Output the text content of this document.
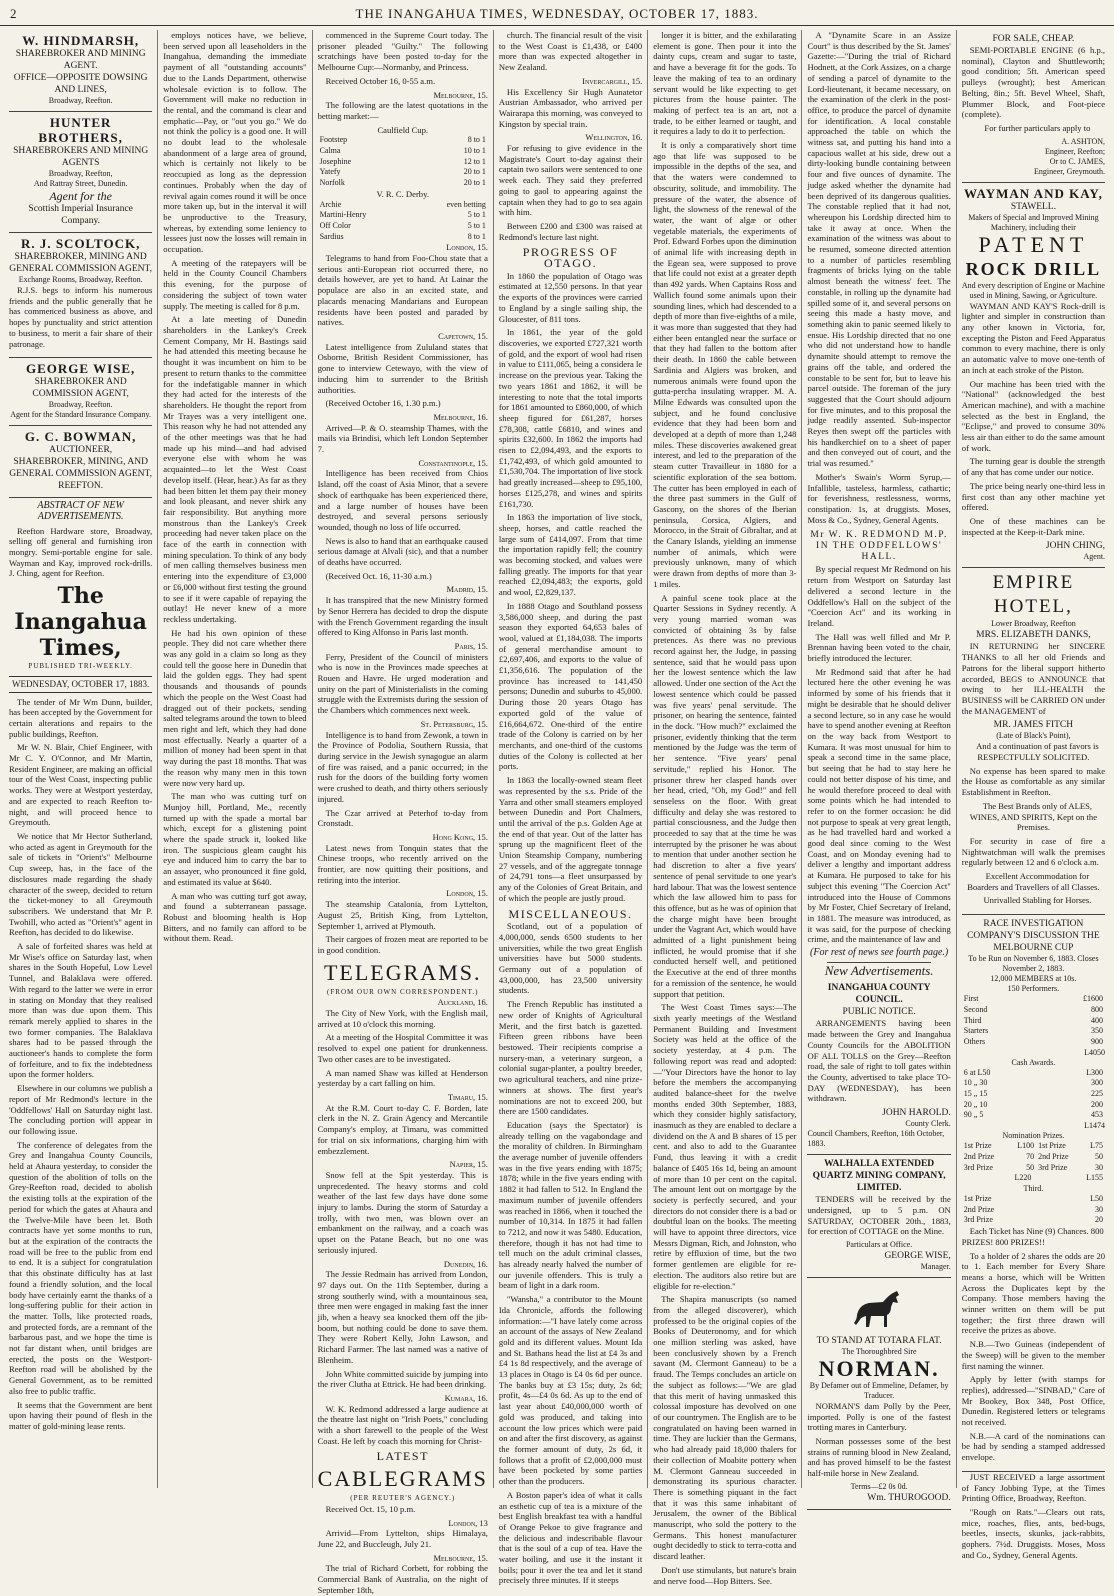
2	THE INANGAHUA TIMES, WEDNESDAY, OCTOBER 17, 1883.
W. HINDMARSH,
SHAREBROKER AND MINING AGENT.
OFFICE—OPPOSITE DOWSING AND LINES,
Broadway, Reefton.
HUNTER BROTHERS,
SHAREBROKERS AND MINING AGENTS
Broadway, Reefton,
And Rattray Street, Dunedin.
Agent for the
Scottish Imperial Insurance Company.
R. J. SCOLTOCK,
SHAREBROKER, MINING AND GENERAL COMMISSION AGENT,
Exchange Rooms, Broadway, Reefton.

R.J.S. begs to inform his numerous friends and the public generally that he has commenced business as above, and hopes by punctuality and strict attention to business, to merit a fair share of their patronage.

GEORGE WISE,
SHAREBROKER AND COMMISSION AGENT,
Broadway, Reefton.
Agent for the Standard Insurance Company.
G. C. BOWMAN,
AUCTIONEER,
SHAREBROKER, MINING, AND GENERAL COMMISSION AGENT,
REEFTON.
ABSTRACT OF NEW ADVERTISEMENTS.

Reefton Hardware store, Broadway, selling off general and furnishing iron mongry. Semi-portable engine for sale. Wayman and Kay, improved rock-drills. J. Ching, agent for Reefton.

The Inangahua Times,
PUBLISHED TRI-WEEKLY.
WEDNESDAY, OCTOBER 17, 1883.

The tender of Mr Wm Dunn, builder, has been accepted by the Government for certain alterations and repairs to the public buildings, Reefton.

Mr W. N. Blair, Chief Engineer, with Mr C. Y. O'Connor, and Mr Martin, Resident Engineer, are making an official tour of the West Coast, inspecting public works. They were at Westport yesterday, and are expected to reach Reefton to-night, and will proceed hence to Greymouth.

We notice that Mr Hector Sutherland, who acted as agent in Greymouth for the sale of tickets in "Orient's" Melbourne Cup sweep, has, in the face of the disclosures made regarding the shady character of the sweep, decided to return the ticket-money to all Greymouth subscribers. We understand that Mr P. Twohill, who acted as "Orient's" agent in Reefton, has decided to do likewise.

A sale of forfeited shares was held at Mr Wise's office on Saturday last, when shares in the South Hopeful, Low Level Tunnel, and Balaklava were offered. With regard to the latter we were in error in stating on Monday that they realised more than was due upon them. This remark merely applied to shares in the two former companies. The Balaklava shares had to be passed through the auctioneer's hands to complete the form of forfeiture, and to fix the indebtedness upon the former holders.

Elsewhere in our columns we publish a report of Mr Redmond's lecture in the 'Oddfellows' Hall on Saturday night last. The concluding portion will appear in our following issue.

The conference of delegates from the Grey and Inangahua County Councils, held at Ahaura yesterday, to consider the question of the abolition of tolls on the Grey-Reefton road, decided to abolish the existing tolls at the expiration of the period for which the gates at Ahaura and the Twelve-Mile have been let. Both contracts have yet some months to run, but at the expiration of the contracts the road will be free to the public from end to end. It is a subject for congratulation that this obstinate difficulty has at last found a friendly solution, and the local body have certainly earnt the thanks of a long-suffering public for their action in the matter. Tolls, like protected roads, and protected fords, are a remnant of the barbarous past, and we hope the time is not far distant when, until bridges are erected, the posts on the Westport-Reefton road will be abolished by the General Government, as to be remitted also free to public traffic.

It seems that the Government are bent upon having their pound of flesh in the matter of gold-mining lease rents.

employs notices have, we believe, been served upon all leaseholders in the Inangahua, demanding the immediate payment of all "outstanding accounts" due to the Lands Department, otherwise wholesale eviction is to follow. The Government will make no reduction in the rental, and the command is clear and emphatic—Pay, or "out you go." We do not think the policy is a good one. It will no doubt lead to the wholesale abandonment of a large area of ground, which is certainly not likely to be reoccupied as long as the depression continues. Probably when the day of revival again comes round it will be once more taken up, but in the interval it will be unproductive to the Treasury, whereas, by extending some leniency to lessees just now the losses will remain in occupation.

A meeting of the ratepayers will be held in the County Council Chambers this evening, for the purpose of considering the subject of town water supply. The meeting is called for 8 p.m.

At a late meeting of Dunedin shareholders in the Lankey's Creek Cement Company, Mr H. Bastings said he had attended this meeting because he thought it was incumbent on him to be present to return thanks to the committee for the indefatigable manner in which they had acted for the interests of the shareholders. He thought the report from Mr Trayes was a very intelligent one. This reason why he had not attended any of the other meetings was that he had made up his mind—and had advised everyone else with whom he was acquainted—to let the West Coast develop itself. (Hear, hear.) As far as they had been bitten let them pay their money and look pleasant, and never shirk any fair responsibility. But anything more monstrous than the Lankey's Creek proceeding had never taken place on the face of the earth in connection with mining speculation. To think of any body of men calling themselves business men entering into the expenditure of £3,000 or £6,000 without first testing the ground to see if it were capable of repaying the outlay! He never knew of a more reckless undertaking.

He had his own opinion of these people. They did not care whether there was any gold in a claim so long as they could tell the goose here in Dunedin that laid the golden eggs. They had spent thousands and thousands of pounds which the people on the West Coast had dragged out of their pockets, sending salted telegrams around the town to bleed men right and left, which they had done most effectually. Nearly a quarter of a million of money had been spent in that way during the past 18 months. That was the reason why many men in this town were now very hard up.

The man who was cutting turf on Munjoy hill, Portland, Me., recently turned up with the spade a mortal bar which, except for a glistening point where the spade struck it, looked like iron. The suspicious gleam caught his eye and induced him to carry the bar to an assayer, who pronounced it fine gold, and estimated its value at $640.

A man who was cutting turf got away, and found a subterranean passage. Robust and blooming health is Hop Bitters, and no family can afford to be without them. Read.

commenced in the Supreme Court today. The prisoner pleaded "Guilty." The following scratchings have been posted to-day for the Melbourne Cup:—Normanby, and Princess.

Received October 16, 0-55 a.m.

Melbourne, 15.

The following are the latest quotations in the betting market:—

Caulfield Cup.
Footstep	8 to 1
Calma	10 to 1
Josephine	12 to 1
Yatefy	20 to 1
Norfolk	20 to 1
V. R. C. Derby.
Archie	even betting
Martini-Henry	5 to 1
Off Color	5 to 1
Sardius	8 to 1
London, 15.

Telegrams to hand from Foo-Chou state that a serious anti-European riot occurred there, no details however, are yet to hand. At Lainar the populace are also in an excited state, and placards menacing Mandarians and European residents have been posted and paraded by natives.

Capetown, 15.

Latest intelligence from Zululand states that Osborne, British Resident Commissioner, has gone to interview Cetewayo, with the view of inducing him to surrender to the British authorities.

(Received October 16, 1.30 p.m.)

Melbourne, 16.

Arrived—P. & O. steamship Thames, with the mails via Brindisi, which left London September 7.

Constantinople, 15.

Intelligence has been received from Chios Island, off the coast of Asia Minor, that a severe shock of earthquake has been experienced there, and a large number of houses have been destroyed, and several persons seriously wounded, though no loss of life occurred.

News is also to hand that an earthquake caused serious damage at Alvali (sic), and that a number of deaths have occurred.

(Received Oct. 16, 11-30 a.m.)

Madrid, 15.

It has transpired that the new Ministry formed by Senor Herrera has decided to drop the dispute with the French Government regarding the insult offered to King Alfonso in Paris last month.

Paris, 15.

Ferry, President of the Council of ministers who is now in the Provinces made speeches at Rouen and Havre. He urged moderation and unity on the part of Ministerialists in the coming struggle with the Extremists during the session of the Chambers which commences next week.

St. Petersburg, 15.

Intelligence is to hand from Zewonk, a town in the Province of Podolia, Southern Russia, that during service in the Jewish synagogue an alarm of fire was raised, and a panic occurred; in the rush for the doors of the building forty women were crushed to death, and thirty others seriously injured.

The Czar arrived at Peterhof to-day from Cronstadt.

Hong Kong, 15.

Latest news from Tonquin states that the Chinese troops, who recently arrived on the frontier, are now quitting their positions, and retiring into the interior.

London, 15.

The steamship Catalonia, from Lyttelton, August 25, British King, from Lyttelton, September 1, arrived at Plymouth.

Their cargoes of frozen meat are reported to be in good condition.

TELEGRAMS.
(FROM OUR OWN CORRESPONDENT.)
Auckland, 16.

The City of New York, with the English mail, arrived at 10 o'clock this morning.

At a meeting of the Hospital Committee it was resolved to expel one patient for drunkenness. Two other cases are to be investigated.

A man named Shaw was killed at Henderson yesterday by a cart falling on him.

Timaru, 15.

At the R.M. Court to-day C. F. Borden, late clerk in the N. Z. Grain Agency and Mercantile Company's employ, at Timaru, was committed for trial on six informations, charging him with embezzlement.

Napier, 15.

Snow fell at the Spit yesterday. This is unprecedented. The heavy storms and cold weather of the last few days have done some injury to lambs. During the storm of Saturday a trolly, with two men, was blown over an embankment on the railway, and a coach was upset on the Patane Beach, but no one was seriously injured.

Dunedin, 16.

The Jessie Redmain has arrived from London, 97 days out. On the 11th September, during a strong southerly wind, with a mountainous sea, three men were engaged in making fast the inner jib, when a heavy sea knocked them off the jib-boom, but nothing could be done to save them. They were Robert Kelly, John Lawson, and Richard Farmer. The last named was a native of Blenheim.

John White committed suicide by jumping into the river Clutha at Ettrick. He had been drinking.

Kumara, 16.

W. K. Redmond addressed a large audience at the theatre last night on "Irish Poets," concluding with a short farewell to the people of the West Coast. He left by coach this morning for Christ-

LATEST
CABLEGRAMS
(PER REUTER'S AGENCY.)

Received Oct. 15, 10 p.m.

London, 13

Arrivid—From Lyttelton, ships Himalaya, June 22, and Buccleugh, July 21.

Melbourne, 15.

The trial of Richard Corbett, for robbing the Commercial Bank of Australia, on the night of September 18th,

church. The financial result of the visit to the West Coast is £1,438, or £400 more than was expected altogether in New Zealand.

Invercargill, 15.

His Excellency Sir Hugh Aunatetor Austrian Ambassador, who arrived per Wairarapa this morning, was conveyed to Kingston by special train.

Wellington, 16.

For refusing to give evidence in the Magistrate's Court to-day against their captain two sailors were sentenced to one week each. They said they preferred going to gaol to appearing against the captain when they had to go to sea again with him.

Between £200 and £300 was raised at Redmond's lecture last night.

PROGRESS OF OTAGO.

In 1860 the population of Otago was estimated at 12,550 persons. In that year the exports of the provinces were carried to England by a single sailing ship, the Gloucester, of 811 tons.

In 1861, the year of the gold discoveries, we exported £727,321 worth of gold, and the export of wool had risen in value to £111,065, being a considera le increase on the previous year. Taking the two years 1861 and 1862, it will be interesting to note that the total imports for 1861 amounted to £860,000, of which sheep figured for £61,287, horses £78,308, cattle £6810, and wines and spirits £32,600. In 1862 the imports had risen to £2,094,493, and the exports to £1,742,493, of which gold amounted to £1,530,704. The importation of live stock had greatly increased—sheep to £95,100, horses £125,278, and wines and spirits £161,730.

In 1863 the importation of live stock, sheep, horses, and cattle reached the large sum of £414,097. From that time the importation rapidly fell; the country was becoming stocked, and values were falling greatly. The imports for that year reached £2,094,483; the exports, gold and wool, £2,829,137.

In 1888 Otago and Southland possess 3,586,000 sheep, and during the past season they exported 64,653 bales of wool, valued at £1,184,038. The imports of general merchandise amount to £2,697,406, and exports to the value of £1,356,616. The population of the province has increased to 141,450 persons; Dunedin and suburbs to 45,000. During those 20 years Otago has exported gold of the value of £16,664,672. One-third of the entire trade of the Colony is carried on by her merchants, and one-third of the customs duties of the Colony is collected at her ports.

In 1863 the locally-owned steam fleet was represented by the s.s. Pride of the Yarra and other small steamers employed between Dunedin and Port Chalmers, until the arrival of the p.s. Golden Age at the end of that year. Out of the latter has sprung up the magnificent fleet of the Union Steamship Company, numbering 27 vessels, and of the aggregate tonnage of 24,791 tons—a fleet unsurpassed by any of the Colonies of Great Britain, and of which the people are justly proud.

MISCELLANEOUS.

Scotland, out of a population of 4,000,000, sends 6500 students to her universities, while the two great English universities have but 5000 students. Germany out of a population of 43,000,000, has 23,500 university students.

The French Republic has instituted a new order of Knights of Agricultural Merit, and the first batch is gazetted. Fifteen green ribbons have been bestowed. Their recipients comprise a nursery-man, a veterinary surgeon, a colonial sugar-planter, a poultry breeder, two agricultural teachers, and nine prize-winners at shows. The first year's nominations are not to exceed 200, but there are 1500 candidates.

Education (says the Spectator) is already telling on the vagabondage and the morality of children. In Birmingham the average number of juvenile offenders was in the five years ending with 1875; 1878; while in the five years ending with 1882 it had fallen to 512. In England the maximum number of juvenile offenders was reached in 1866, when it touched the number of 10,314. In 1875 it had fallen to 7212, and now it was 5480. Education, therefore, though it has not had time to tell much on the adult criminal classes, has already nearly halved the number of our juvenile offenders. This is truly a beam of light in a dark room.

"Wansha," a contributor to the Mount Ida Chronicle, affords the following information:—"I have lately come across an account of the assays of New Zealand gold and its different values. Mount Ida and St. Bathans head the list at £4 3s and £4 1s 8d respectively, and the average of 13 places in Otago is £4 0s 6d per ounce. The banks buy at £3 15s; duty, 2s 6d; profit, 4s—£4 0s 6d. As up to the end of last year about £40,000,000 worth of gold was produced, and taking into account the low prices which were paid on and after the first discovery, as against the former amount of duty, 2s 6d, it follows that a profit of £2,000,000 must have been pocketed by some parties other than the producers.

A Boston paper's idea of what it calls an esthetic cup of tea is a mixture of the best English breakfast tea with a handful of Orange Pekoe to give fragrance and the delicious and indescribable flavour that is the soul of a cup of tea. Have the water boiling, and use it the instant it boils; pour it over the tea and let it stand precisely three minutes. If it steeps

longer it is bitter, and the exhilarating element is gone. Then pour it into the dainty cups, cream and sugar to taste, and have a beverage fit for the gods. To leave the making of tea to an ordinary servant would be like expecting to get pictures from the house painter. The making of perfect tea is an art, not a trade, to be either learned or taught, and it requires a lady to do it to perfection.

It is only a comparatively short time ago that life was supposed to be impossible in the depths of the sea, and that the waters were condemned to obscurity, solitude, and immobility. The pressure of the water, the absence of light, the slowness of the renewal of the water, the want of algæ or other vegetable materials, the experiments of Prof. Edward Forbes upon the diminution of animal life with increasing depth in the Egean sea, were supposed to prove that life could not exist at a greater depth than 492 yards. When Captains Ross and Wallich found some animals upon their sounding lines, which had descended to a depth of more than five-eighths of a mile, it was more than suggested that they had either been entangled near the surface or that they had fallen to the bottom after their death. In 1860 the cable between Sardinia and Algiers was broken, and numerous animals were found upon the gutta-percha insulating wrapper. M. A. Milne Edwards was consulted upon the subject, and he found conclusive evidence that they had been born and developed at a depth of more than 1,248 miles. These discoveries awakened great interest, and led to the preparation of the steam cutter Travailleur in 1880 for a scientific exploration of the sea bottom. The cutter has been employed in each of the three past summers in the Gulf of Gascony, on the shores of the Iberian peninsula, Corsica, Algiers, and Morocco, in the Strait of Gibraltar, and at the Canary Islands, yielding an immense number of animals, which were previously unknown, many of which were drawn from depths of more than 3-1 miles.

A painful scene took place at the Quarter Sessions in Sydney recently. A very young married woman was convicted of obtaining 3s by false pretences. As there was no previous record against her, the Judge, in passing sentence, said that he would pass upon her the lowest sentence which the law allowed. Under one section of the Act the lowest sentence which could be passed was five years' penal servitude. The prisoner, on hearing the sentence, fainted in the dock. "How much?" exclaimed the prisoner, evidently thinking that the term mentioned by the Judge was the term of her sentence. "Five years' penal servitude," replied his Honor. The prisoner threw her clasped hands over her head, cried, "Oh, my God!" and fell senseless on the floor. With great difficulty and delay she was restored to partial consciousness, and the Judge then proceeded to say that at the time he was interrupted by the prisoner he was about to mention that under another section he had discretion to alter a five years' sentence of penal servitude to one year's hard labour. That was the lowest sentence which the law allowed him to pass for this offence, but as he was of opinion that the charge might have been brought under the Vagrant Act, which would have admitted of a light punishment being inflicted, he would promise that if she conducted herself well, and petitioned the Executive at the end of three months for a remission of the sentence, he would support that petition.

The West Coast Times says:—The sixth yearly meetings of the Westland Permanent Building and Investment Society was held at the office of the society yesterday, at 4 p.m. The following report was read and adopted:—"Your Directors have the honor to lay before the members the accompanying audited balance-sheet for the twelve months ended 30th September, 1883, which they consider highly satisfactory, inasmuch as they are enabled to declare a dividend on the A and B shares of 15 per cent. and also to add to the Guarantee Fund, thus leaving it with a credit balance of £405 16s 1d, being an amount of more than 10 per cent on the capital. The amount lent out on mortgage by the society is perfectly secured, and your directors do not consider there is a bad or doubtful loan on the books. The meeting will have to appoint three directors, vice Messrs Digman, Rich, and Johnston, who retire by effluxion of time, but the two former gentlemen are eligible for re-election. The auditors also retire but are eligible for re-election."

The Shapira manuscripts (so named from the alleged discoverer), which professed to be the original copies of the Books of Deuteronomy, and for which one million sterling was asked, have been conclusively shown by a French savant (M. Clermont Ganneau) to be a fraud. The Temps concludes an article on the subject as follows:—"We are glad that this merit of having unmasked this colossal imposture has devolved on one of our countrymen. The English are to be congratulated on having been warned in time. They are luckier than the Germans, who had already paid 18,000 thalers for their collection of Moabite pottery when M. Clermont Ganneau succeeded in demonstrating its spurious character. There is something piquant in the fact that it was this same inhabitant of Jerusalem, the owner of the Biblical manuscript, who sold the pottery to the Germans. This honest manufacturer ought decidedly to stick to terra-cotta and discard leather.

Don't use stimulants, but nature's brain and nerve food—Hop Bitters. See.

A "Dynamite Scare in an Assize Court" is thus described by the St. James' Gazette:—"During the trial of Richard Hodnett, at the Cork Assizes, on a charge of sending a parcel of dynamite to the Lord-lieutenant, it became necessary, on the examination of the clerk in the post-office, to produce the parcel of dynamite for identification. A local constable approached the table on which the witness sat, and putting his hand into a capacious wallet at his side, drew out a dirty-looking bundle containing between four and five ounces of dynamite. The judge asked whether the dynamite had been deprived of its dangerous qualities. The constable replied that it had not, whereupon his Lordship directed him to take it away at once. When the examination of the witness was about to be resumed, someone directed attention to a number of particles resembling fragments of bricks lying on the table almost beneath the witness' feet. The constable, in rolling up the dynamite had spilled some of it, and several persons on seeing this made a hasty move, and something akin to panic seemed likely to ensue. His Lordship directed that no one who did not understand how to handle dynamite should attempt to remove the grains off the table, and ordered the constable to be sent for, but to leave his parcel outside. The foreman of the jury suggested that the Court should adjourn for five minutes, and to this proposal the judge readily assented. Sub-inspector Reyes then swept off the particles with his handkerchief on to a sheet of paper and then conveyed out of court, and the trial was resumed."

Mother's Swain's Worm Syrup,—Infallible, tasteless, harmless, cathartic; for feverishness, restlessness, worms, constipation. 1s, at druggists. Moses, Moss & Co., Sydney, General Agents.

Mr W. K. REDMOND M.P. IN THE ODDFELLOWS' HALL.

By special request Mr Redmond on his return from Westport on Saturday last delivered a second lecture in the Oddfellow's Hall on the subject of the "Coercion Act" and its working in Ireland.

The Hall was well filled and Mr P. Brennan having been voted to the chair, briefly introduced the lecturer.

Mr Redmond said that after he had lectured here the other evening he was informed by some of his friends that it might be desirable that he should deliver a second lecture, so in any case he would have to spend another evening at Reefton on the way back from Westport to Kumara. It was most unusual for him to speak a second time in the same place, but seeing that he had to stay here he could not better dispose of his time, and he would therefore proceed to deal with some points which he had intended to refer to on the former occasion: he did not purpose to speak at very great length, as he had travelled hard and worked a good deal since coming to the West Coast, and on Monday evening had to deliver a lengthy and important address at Kumara. He purposed to take for his subject this evening "The Coercion Act" introduced into the House of Commons by Mr Foster, Chief Secretary of Ireland, in 1881. The measure was introduced, as it was said, for the purpose of checking crime, and the maintenance of law and

(For rest of news see fourth page.)
New Advertisements.
INANGAHUA COUNTY COUNCIL.
PUBLIC NOTICE.

ARRANGEMENTS having been made between the Grey and Inangahua County Councils for the ABOLITION OF ALL TOLLS on the Grey—Reefton road, the sale of right to toll gates within the County, advertised to take place TO-DAY (WEDNESDAY), has been withdrawn.

JOHN HAROLD.
County Clerk.
Council Chambers, Reefton, 16th October, 1883.
WALHALLA EXTENDED QUARTZ MINING COMPANY, LIMITED.

TENDERS will be received by the undersigned, up to 5 p.m. ON SATURDAY, OCTOBER 20th., 1883, for erection of COTTAGE on the Mine.

Particulars at Office.
GEORGE WISE,
Manager.
TO STAND AT TOTARA FLAT.
The Thoroughbred Sire
NORMAN.
By Defamer out of Emmeline, Defamer, by Traducer.

NORMAN'S dam Polly by the Peer, imported. Polly is one of the fastest trotting mares in Canterbury.

Norman possesses some of the best strains of running blood in New Zealand, and has proved himself to be the fastest half-mile horse in New Zealand.

Terms—£2 0s 0d.
Wm. THUROGOOD.
FOR SALE, CHEAP.

SEMI-PORTABLE ENGINE (6 h.p., nominal), Clayton and Shuttleworth; good condition; 5ft. American speed pulleys (wrought); best American Belting, 8in.; 5ft. Bevel Wheel, Shaft, Plummer Block, and Foot-piece (complete).

For further particulars apply to

A. ASHTON,
Engineer, Reefton;
Or to C. JAMES,
Engineer, Greymouth.
WAYMAN AND KAY,
STAWELL.
Makers of Special and Improved Mining Machinery, including their
PATENT
ROCK DRILL
And every description of Engine or Machine used in Mining, Sawing, or Agriculture.

WAYMAN AND KAY'S Rock-drill is lighter and simpler in construction than any other known in Victoria, for, excepting the Piston and Feed Apparatus common to every machine, there is only an automatic valve to move one-tenth of an inch at each stroke of the Piston.

Our machine has been tried with the "National" (acknowledged the best American machine), and with a machine selected as the best in England, the "Eclipse," and proved to consume 30% less air than either to do the same amount of work.

The turning gear is double the strength of any that has come under our notice.

The price being nearly one-third less in first cost than any other machine yet offered.

One of these machines can be inspected at the Keep-it-Dark mine.

JOHN CHING,
Agent.
EMPIRE HOTEL,
Lower Broadway, Reefton
MRS. ELIZABETH DANKS,

IN RETURNING her SINCERE THANKS to all her old Friends and Patrons for the liberal support hitherto accorded, BEGS to ANNOUNCE that owing to her ILL-HEALTH the BUSINESS will be CARRIED ON under the MANAGEMENT of

MR. JAMES FITCH
(Late of Black's Point),

And a continuation of past favors is RESPECTFULLY SOLICITED.

No expense has been spared to make the House as comfortable as any similar Establishment in Reefton.

The Best Brands only of ALES, WINES, AND SPIRITS, Kept on the Premises.

For security in case of fire a Nightwatchman will walk the premises regularly between 12 and 6 o'clock a.m.

Excellent Accommodation for Boarders and Travellers of all Classes.

Unrivalled Stabling for Horses.

RACE INVESTIGATION COMPANY'S DISCUSSION THE MELBOURNE CUP
To be Run on November 6, 1883. Closes November 2, 1883.
12,000 MEMBERS at 10s.
150 Performers.
First	£1600
Second	800
Third	400
Starters	350
Others	900
L4050
Cash Awards.
6 at L50	L300
10 „ 30	300
15 „ 15	225
20 „ 10	200
90 „ 5	453
L1474
Nomination Prizes.
1st Prize	L100	1st Prize	L75
2nd Prize	70	2nd Prize	50
3rd Prize	50	3rd Prize	30
L220	L155
Third.
1st Prize	L50
2nd Prize	30
3rd Prize	20

Each Ticket has Nine (9) Chances. 800 PRIZES! 800 PRIZES!!

To a holder of 2 shares the odds are 20 to 1. Each member for Every Share means a horse, which will be Written Across the Duplicates kept by the Company. Those members having the winner written on them will be put together; the first three drawn will receive the prizes as above.

N.B.—Two Guineas (independent of the Sweep) will be given to the member first naming the winner.

Apply by letter (with stamps for replies), addressed—"SINBAD," Care of Mr Bookey, Box 348, Post Office, Dunedin. Registered letters or telegrams not received.

N.B.—A card of the nominations can be had by sending a stamped addressed envelope.

JUST RECEIVED a large assortment of Fancy Jobbing Type, at the Times Printing Office, Broadway, Reefton.

"Rough on Rats."—Clears out rats, mice, roaches, flies, ants, bed-bugs, beetles, insects, skunks, jack-rabbits, gophers. 7½d. Druggists. Moses, Moss and Co., Sydney, General Agents.
